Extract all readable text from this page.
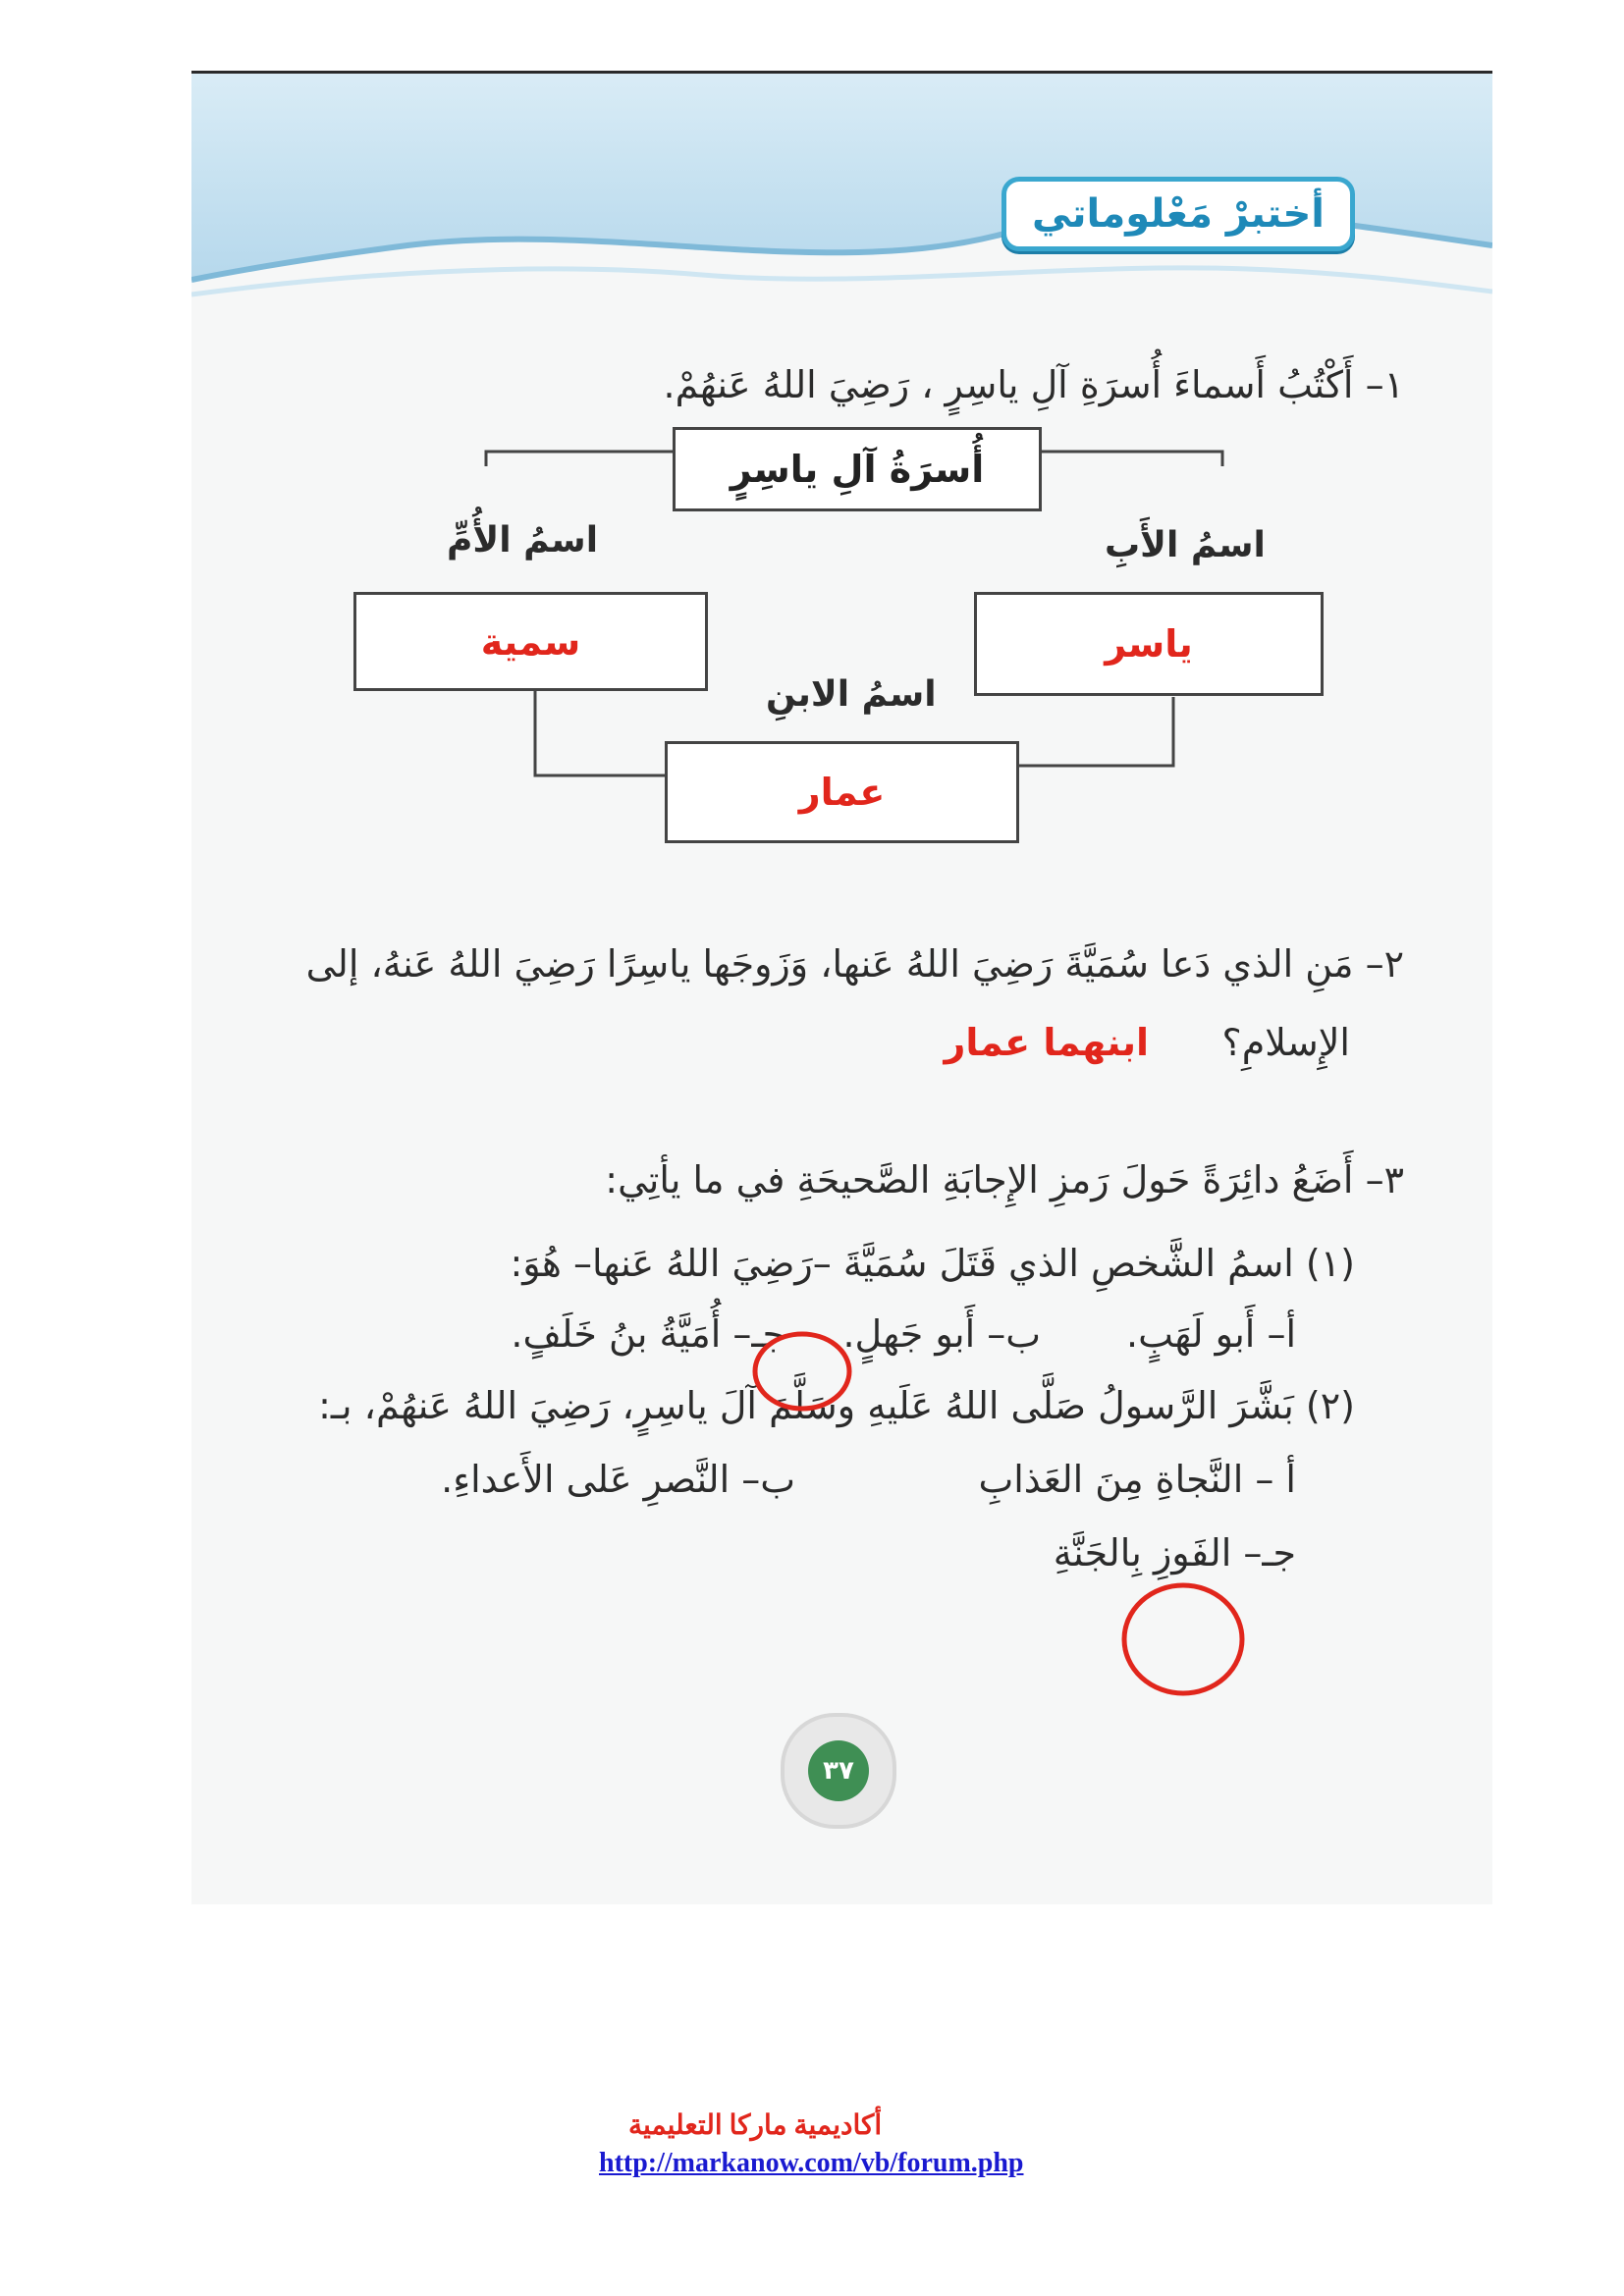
أختبرْ مَعْلوماتي
١– أَكْتُبُ أَسماءَ أُسرَةِ آلِ ياسِرٍ ، رَضِيَ اللهُ عَنهُمْ.
أُسرَةُ آلِ ياسِرٍ
اسمُ الأُمِّ	اسمُ الأَبِ
سمية	ياسر
اسمُ الابنِ
عمار
٢– مَنِ الذي دَعا سُمَيَّةَ رَضِيَ اللهُ عَنها، وَزَوجَها ياسِرًا رَضِيَ اللهُ عَنهُ، إلى
الإِسلامِ؟
ابنهما عمار
٣– أَضَعُ دائِرَةً حَولَ رَمزِ الإِجابَةِ الصَّحيحَةِ في ما يأتِي:
(١) اسمُ الشَّخصِ الذي قَتَلَ سُمَيَّةَ –رَضِيَ اللهُ عَنها– هُوَ:
أ– أَبو لَهَبٍ.
ب– أَبو جَهلٍ.
جـ– أُمَيَّةُ بنُ خَلَفٍ.
(٢) بَشَّرَ الرَّسولُ صَلَّى اللهُ عَلَيهِ وسَلَّمَ آلَ ياسِرٍ، رَضِيَ اللهُ عَنهُمْ، بـ:
أ – النَّجاةِ مِنَ العَذابِ
ب– النَّصرِ عَلى الأَعداءِ.
جـ– الفَوزِ بِالجَنَّةِ
٣٧
أكاديمية ماركا التعليمية
http://markanow.com/vb/forum.php
